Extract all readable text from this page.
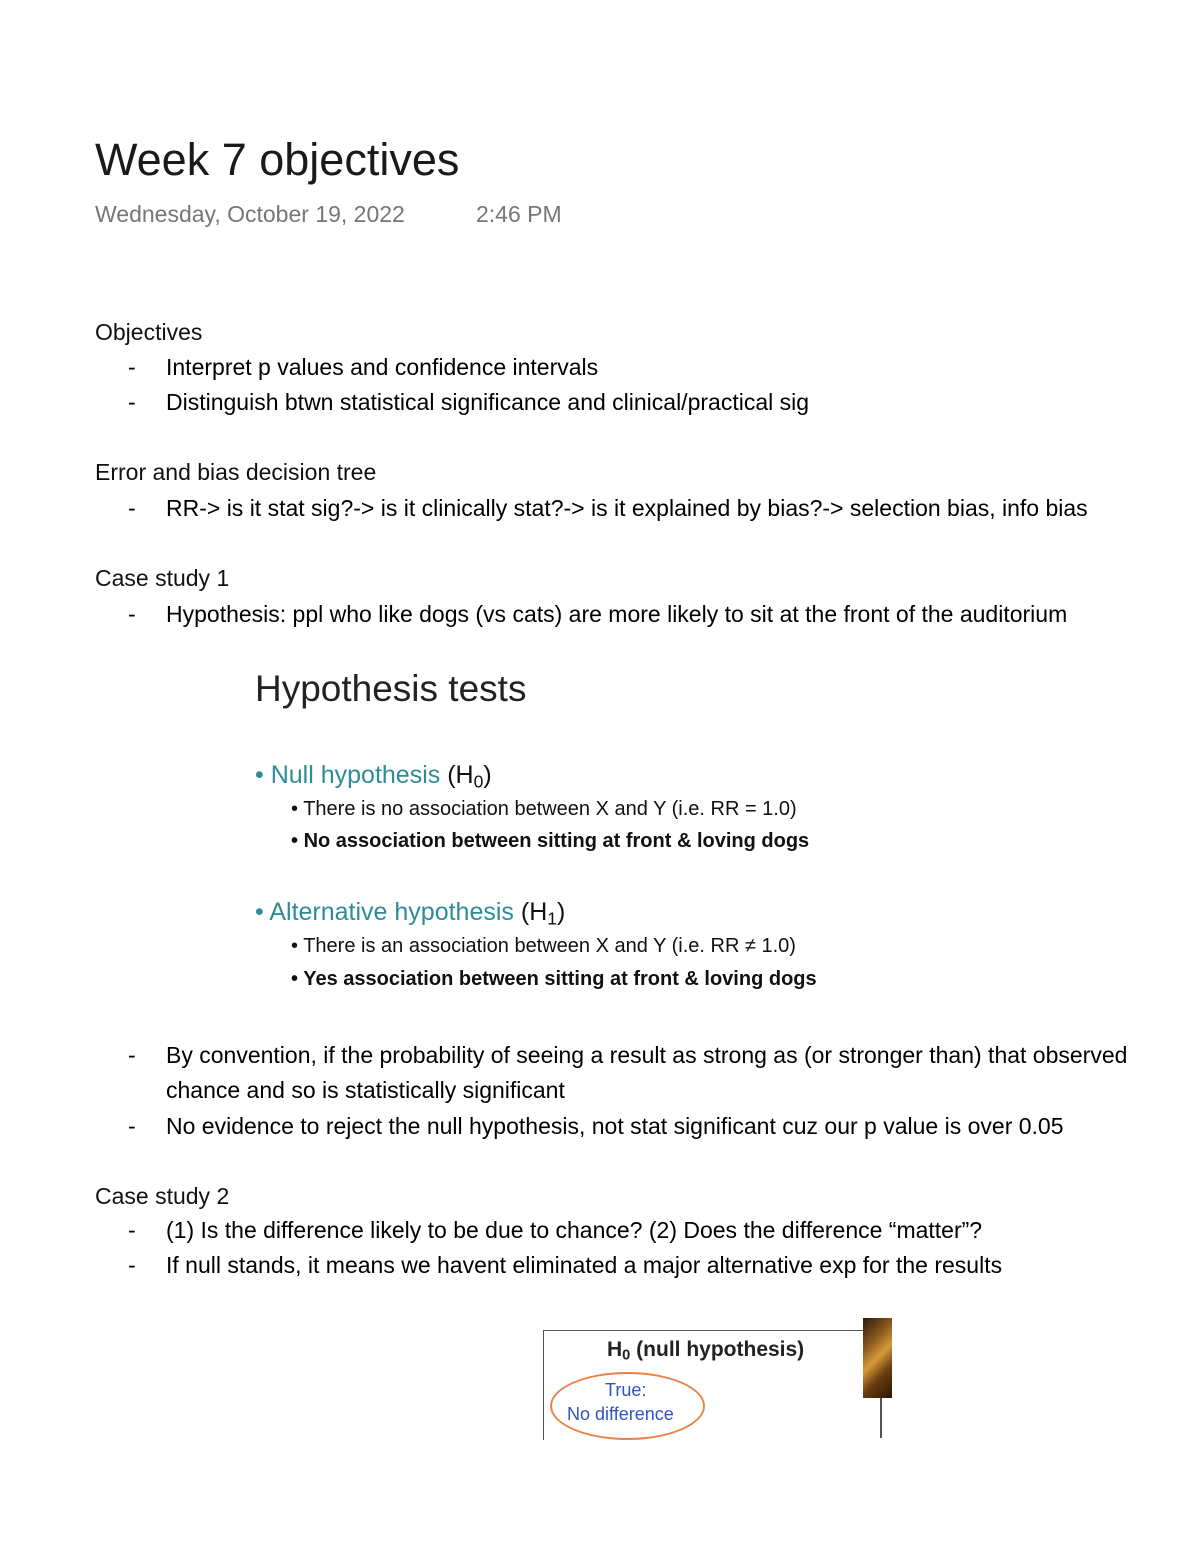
Week 7 objectives
Wednesday, October 19, 2022	2:46 PM
Objectives
- Interpret p values and confidence intervals
- Distinguish btwn statistical significance and clinical/practical sig
Error and bias decision tree
- RR-> is it stat sig?-> is it clinically stat?-> is it explained by bias?-> selection bias, info bias
Case study 1
- Hypothesis: ppl who like dogs (vs cats) are more likely to sit at the front of the auditorium
Hypothesis tests
• Null hypothesis $(H_0)$
• There is no association between X and Y (i.e. RR = 1.0)
• No association between sitting at front & loving dogs
• Alternative hypothesis $(H_1)$
• There is an association between X and Y (i.e. RR ≠ 1.0)
• Yes association between sitting at front & loving dogs
- By convention, if the probability of seeing a result as strong as (or stronger than) that observed
chance and so is statistically significant
- No evidence to reject the null hypothesis, not stat significant cuz our p value is over 0.05
Case study 2
- (1) Is the difference likely to be due to chance? (2) Does the difference “matter”?
- If null stands, it means we havent eliminated a major alternative exp for the results
$H_0$ (null hypothesis)
True:
No difference
